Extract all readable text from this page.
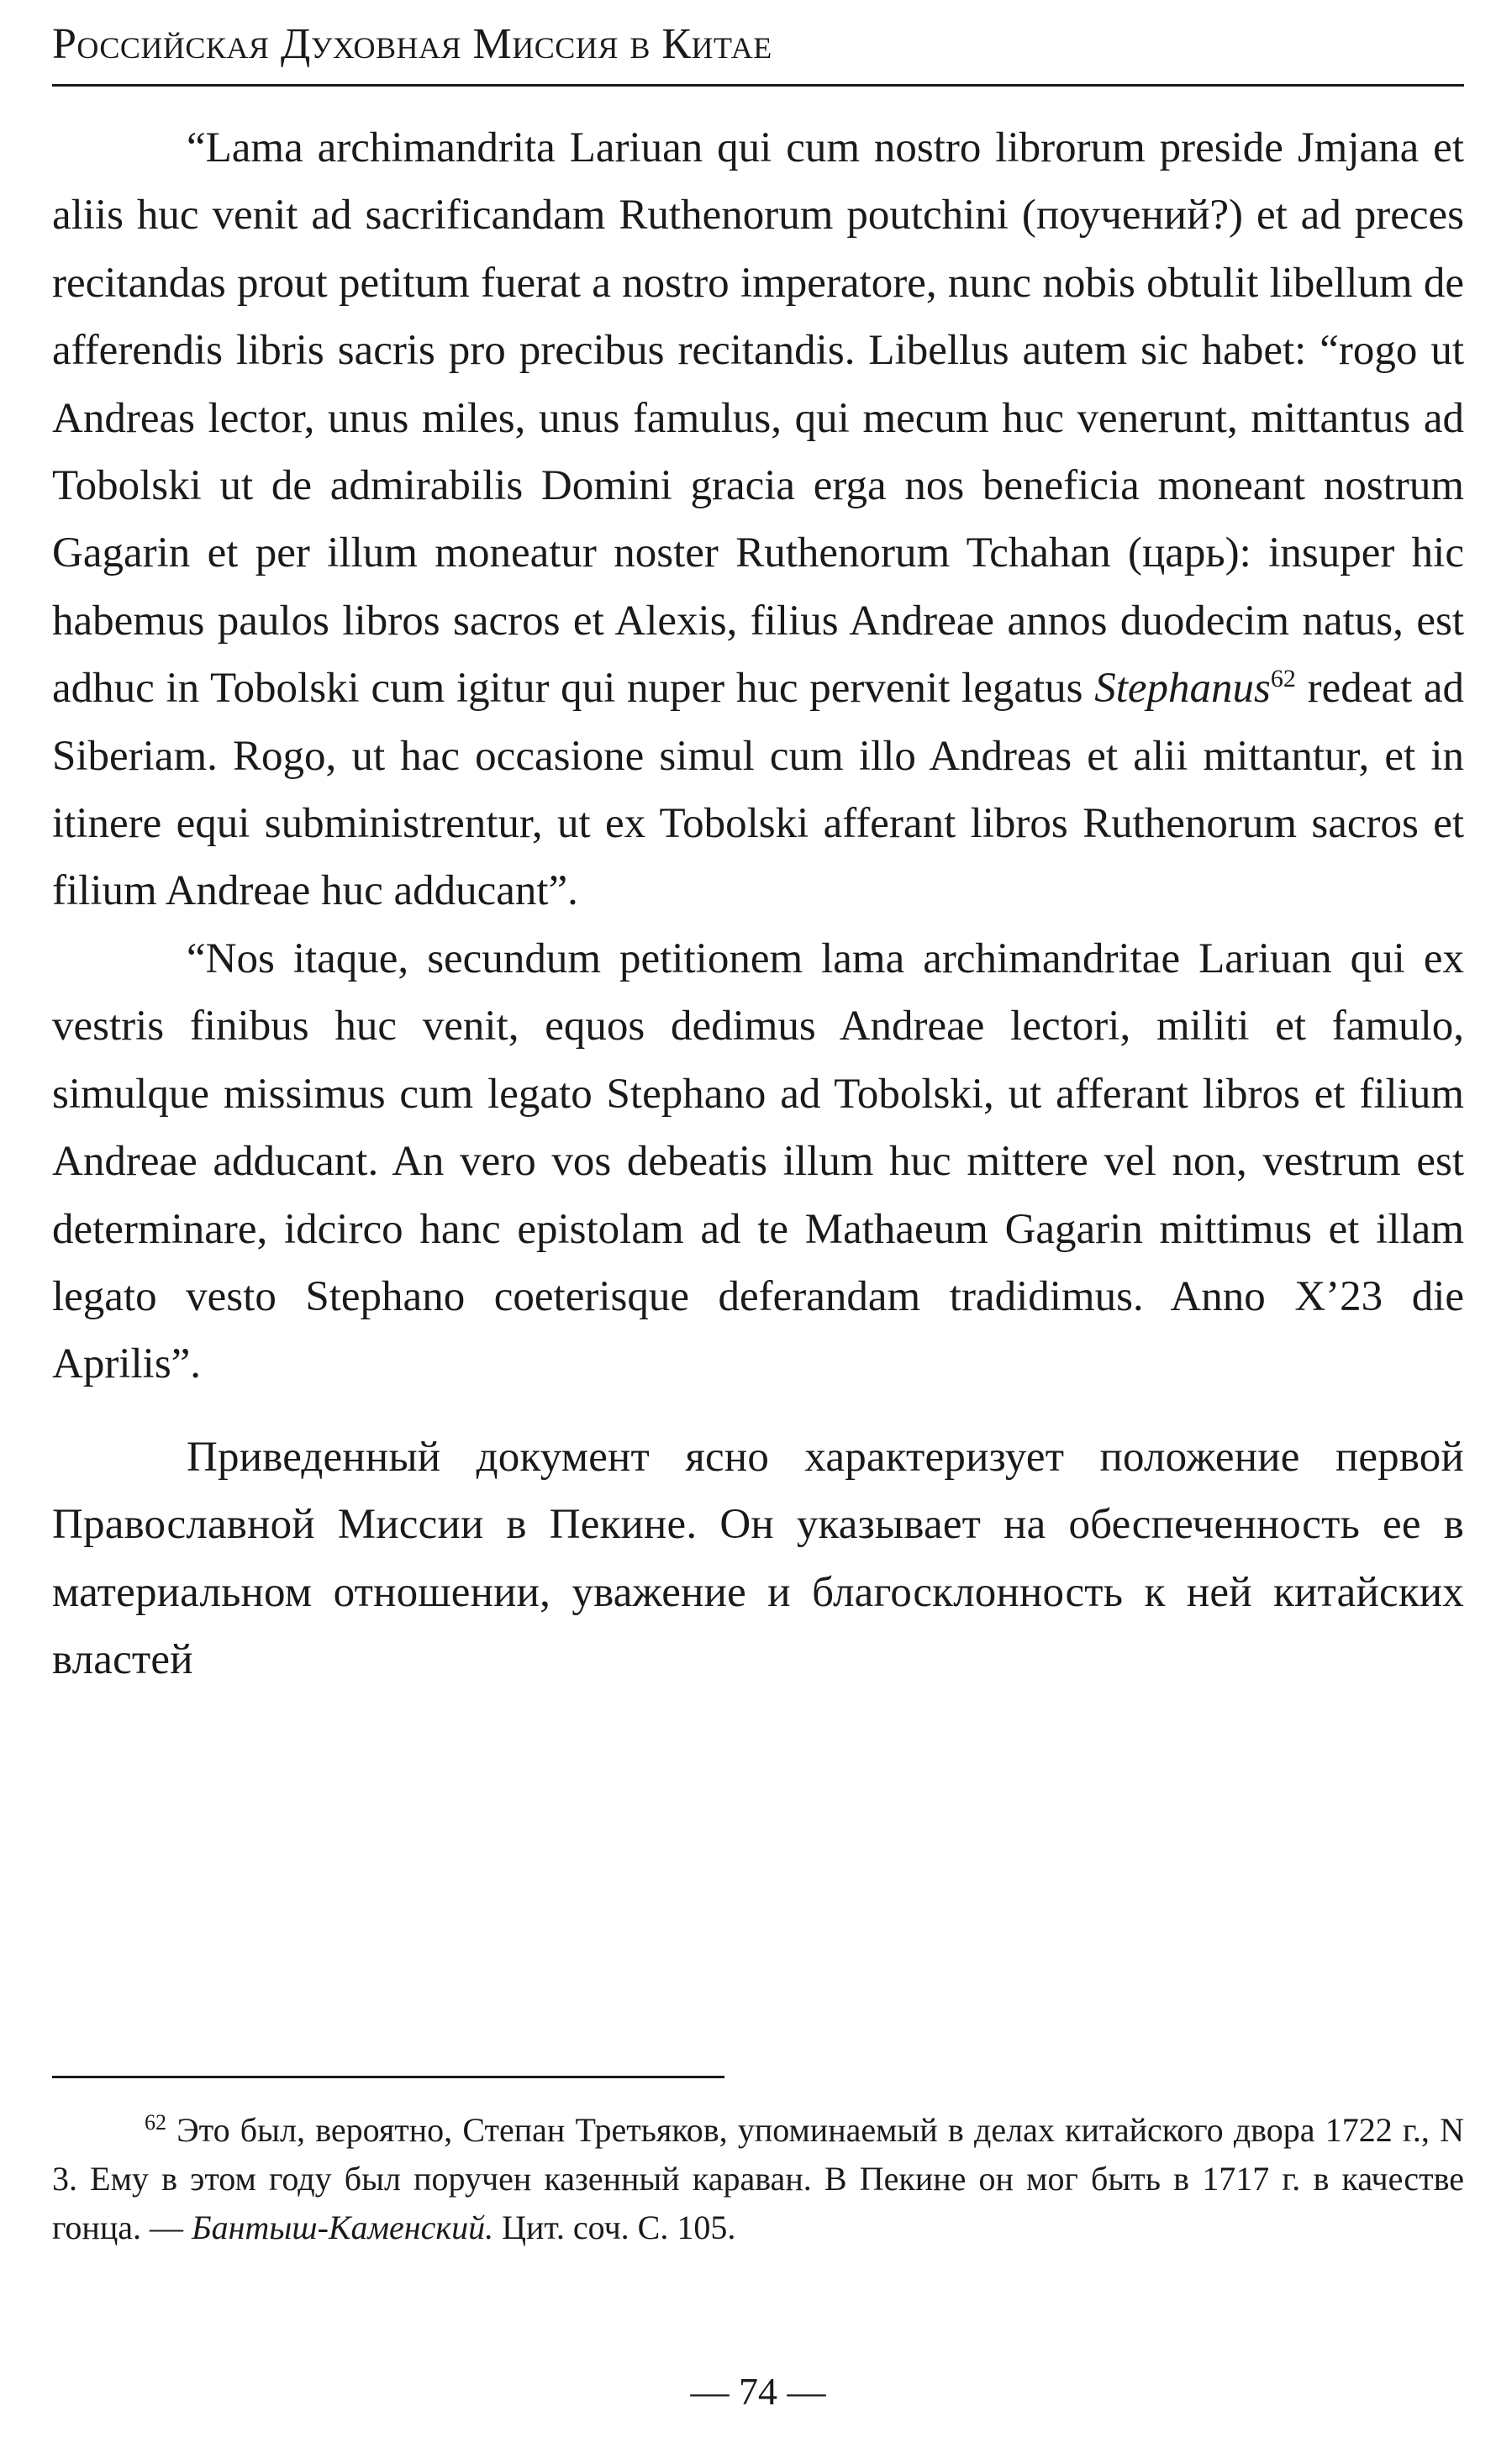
Российская Духовная Миссия в Китае

“Lama archimandrita Lariuan qui cum nostro librorum preside Jmjana et aliis huc venit ad sacrificandam Ruthenorum poutchini (поучений?) et ad preces recitandas prout petitum fuerat a nostro imperatore, nunc nobis obtulit libellum de afferendis libris sacris pro precibus recitandis. Libellus autem sic habet: “rogo ut Andreas lector, unus miles, unus famulus, qui mecum huc venerunt, mittantus ad Tobolski ut de admirabilis Domini gracia erga nos beneficia moneant nostrum Gagarin et per illum moneatur noster Ruthenorum Tchahan (царь): insuper hic habemus paulos libros sacros et Alexis, filius Andreae annos duodecim natus, est adhuc in Tobolski cum igitur qui nuper huc pervenit legatus Stephanus$^{62}$ redeat ad Siberiam. Rogo, ut hac occasione simul cum illo Andreas et alii mittantur, et in itinere equi subministrentur, ut ex Tobolski afferant libros Ruthenorum sacros et filium Andreae huc adducant”.

“Nos itaque, secundum petitionem lama archimandritae Lariuan qui ex vestris finibus huc venit, equos dedimus Andreae lectori, militi et famulo, simulque missimus cum legato Stephano ad Tobolski, ut afferant libros et filium Andreae adducant. An vero vos debeatis illum huc mittere vel non, vestrum est determinare, idcirco hanc epistolam ad te Mathaeum Gagarin mittimus et illam legato vesto Stephano coeterisque deferandam tradidimus. Anno X’23 die Aprilis”.

Приведенный документ ясно характеризует положение первой Православной Миссии в Пекине. Он указывает на обеспеченность ее в материальном отношении, уважение и благосклонность к ней китайских властей

$^{62}$ Это был, вероятно, Степан Третьяков, упоминаемый в делах китайского двора 1722 г., N 3. Ему в этом году был поручен казенный караван. В Пекине он мог быть в 1717 г. в качестве гонца. — Бантыш-Каменский. Цит. соч. С. 105.

— 74 —
